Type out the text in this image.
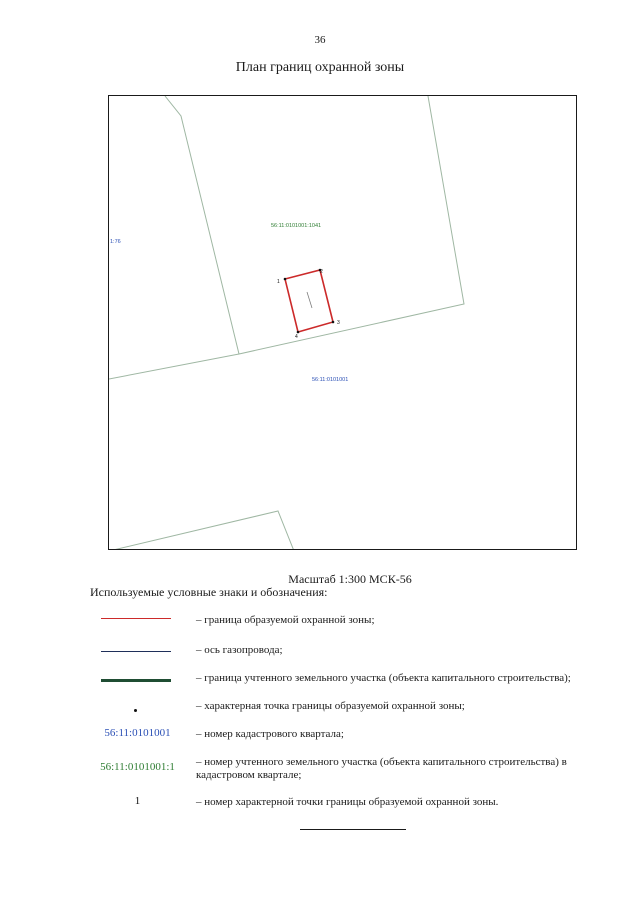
36
План границ охранной зоны
1
2
3
4
56:11:0101001:1041
1:76
56:11:0101001
Масштаб 1:300 МСК-56
Используемые условные знаки и обозначения:
– граница образуемой охранной зоны;
– ось газопровода;
– граница учтенного земельного участка (объекта капитального строительства);
– характерная точка границы образуемой охранной зоны;
56:11:0101001	– номер кадастрового квартала;
56:11:0101001:1	– номер учтенного земельного участка (объекта капитального строительства) в кадастровом квартале;
1	– номер характерной точки границы образуемой охранной зоны.
